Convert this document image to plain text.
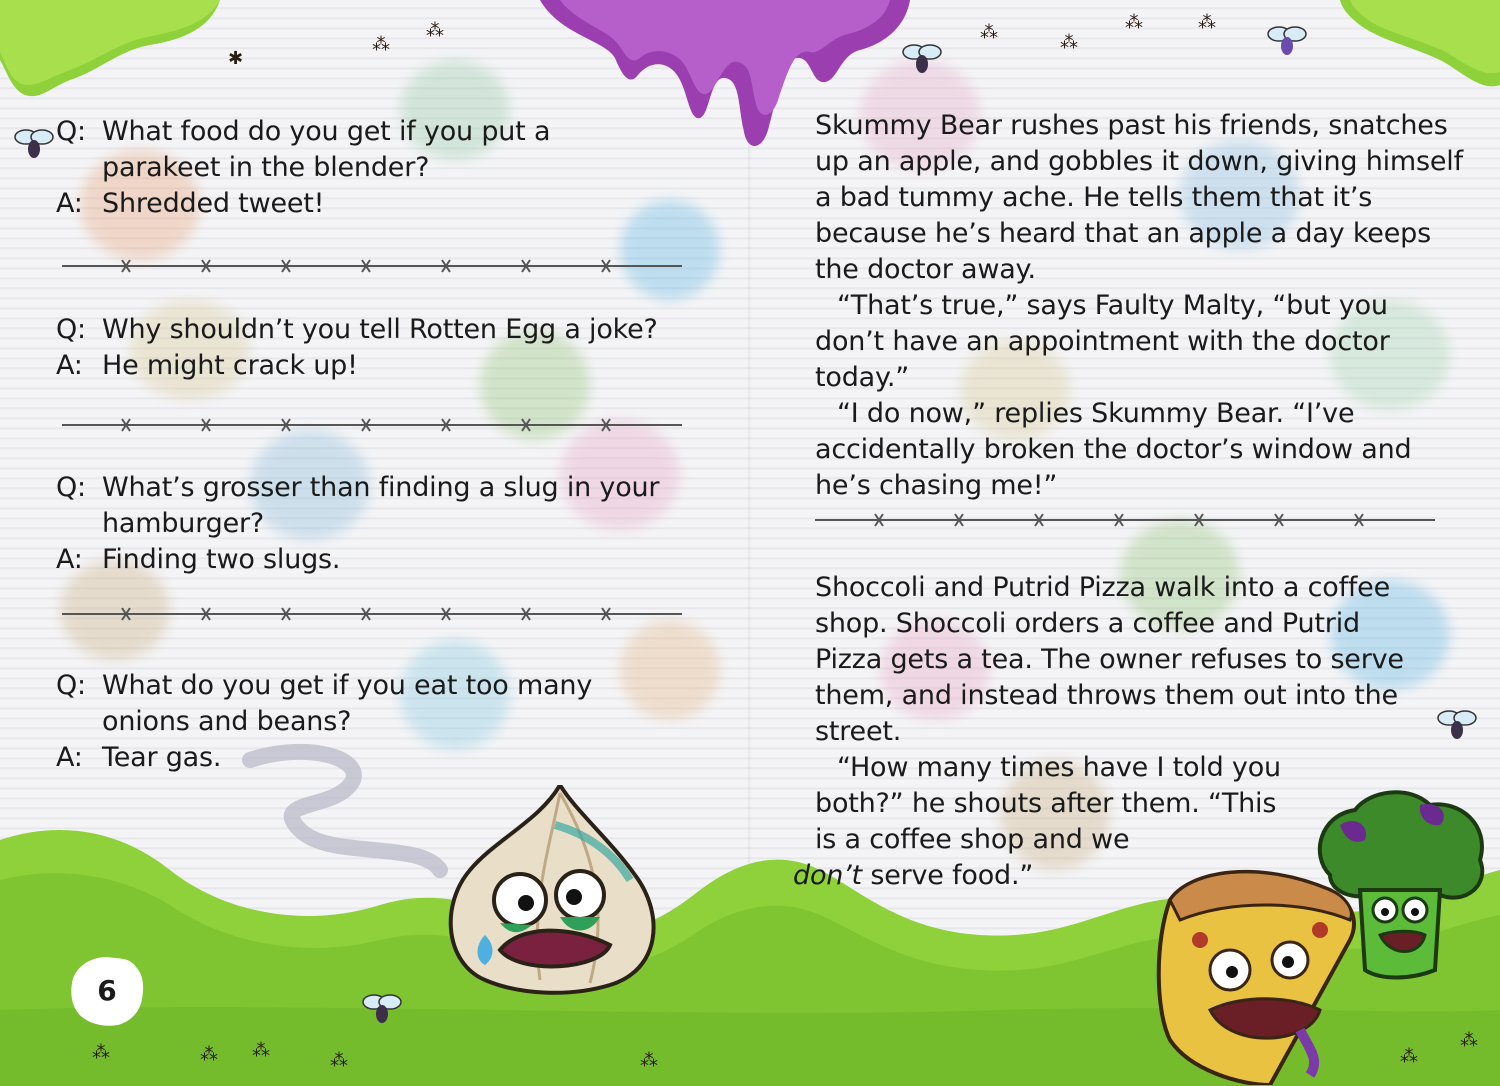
✱
⁂
⁂	⁂	⁂
⁂	⁂
⁂	⁂ ⁂	⁂	⁂	⁂
⁂
Q: What food do you get if you put a parakeet in the blender?
A: Shredded tweet!
Q: Why shouldn’t you tell Rotten Egg a joke?
A: He might crack up!
Q: What’s grosser than finding a slug in your hamburger?
A: Finding two slugs.
Q: What do you get if you eat too many onions and beans?
A: Tear gas.
6

Skummy Bear rushes past his friends, snatches up an apple, and gobbles it down, giving himself a bad tummy ache. He tells them that it’s because he’s heard that an apple a day keeps the doctor away.

“That’s true,” says Faulty Malty, “but you don’t have an appointment with the doctor today.”

“I do now,” replies Skummy Bear. “I’ve accidentally broken the doctor’s window and he’s chasing me!”

Shoccoli and Putrid Pizza walk into a coffee shop. Shoccoli orders a coffee and Putrid Pizza gets a tea. The owner refuses to serve them, and instead throws them out into the street.

“How many times have I told you both?” he shouts after them. “This is a coffee shop and we
don’t serve food.”
